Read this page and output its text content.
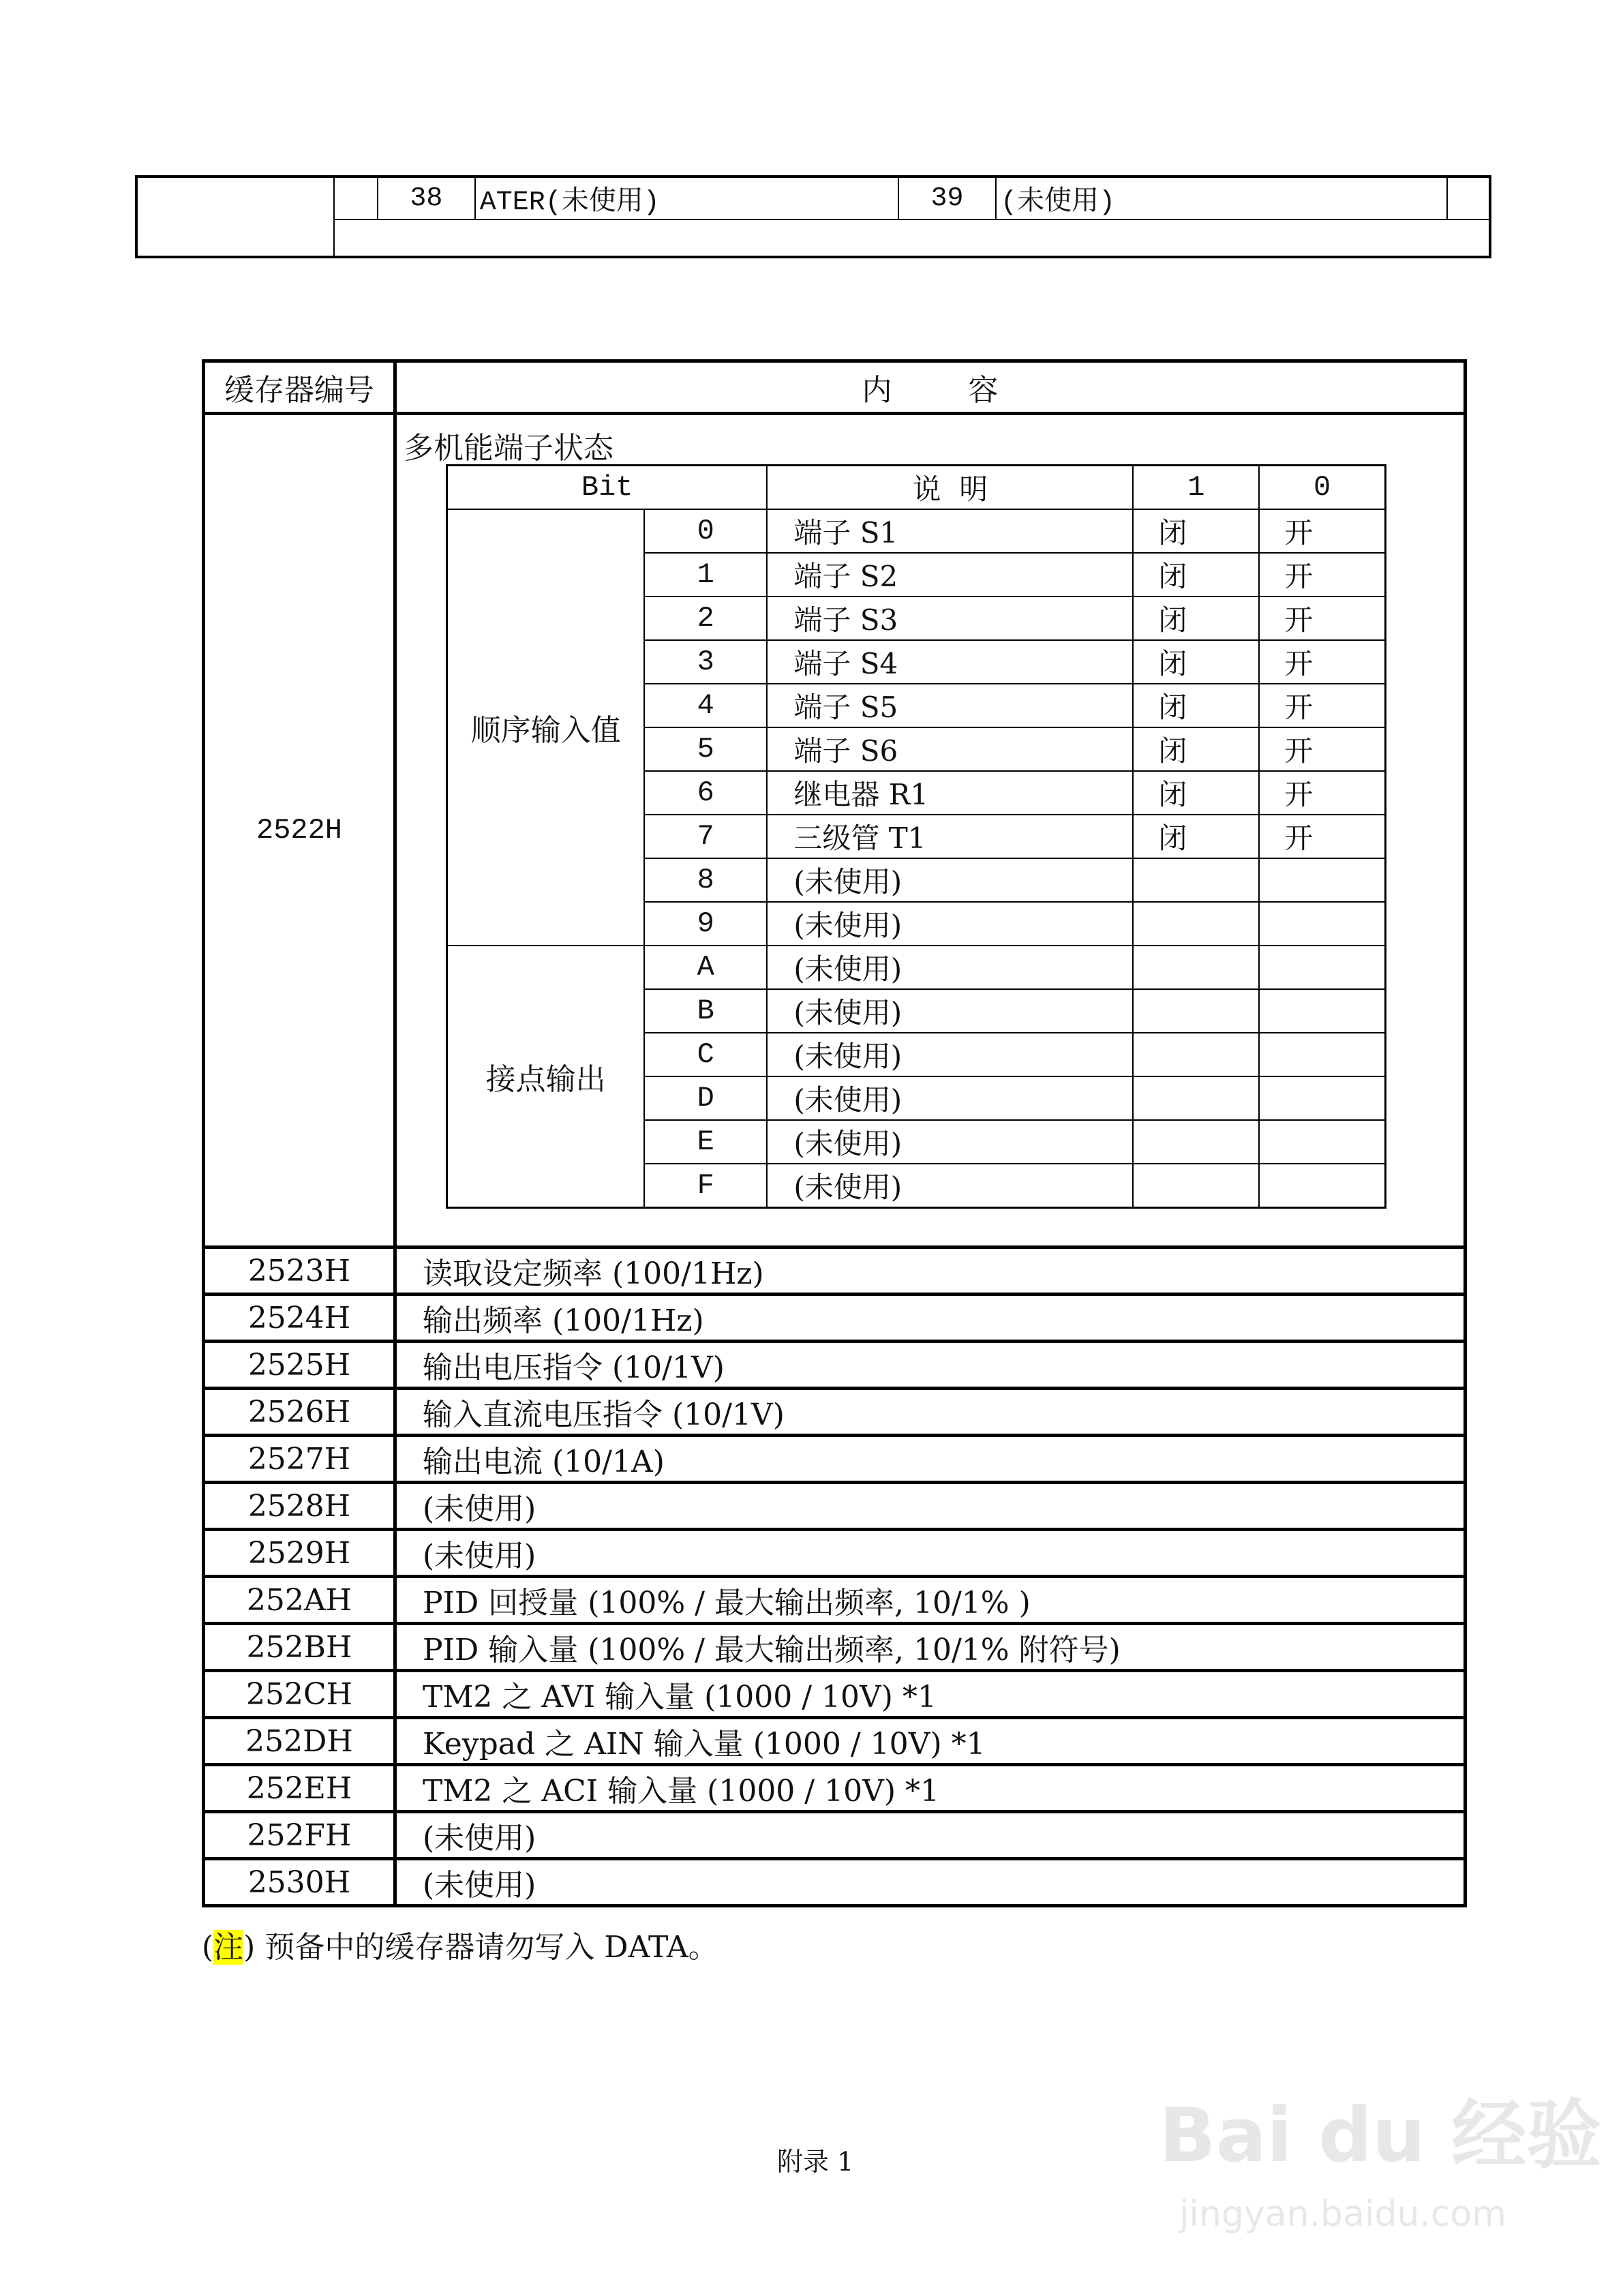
		38	ATER(未使用)	39	(未使用)	

缓存器编号	内        容
2522H	
多机能端子状态
Bit	说  明	1	0
顺序输入值	0	端子 S1	闭	开
1	端子 S2	闭	开
2	端子 S3	闭	开
3	端子 S4	闭	开
4	端子 S5	闭	开
5	端子 S6	闭	开
6	继电器 R1	闭	开
7	三级管 T1	闭	开
8	(未使用)		
9	(未使用)		
接点输出	A	(未使用)		
B	(未使用)		
C	(未使用)		
D	(未使用)		
E	(未使用)		
F	(未使用)		

2523H	读取设定频率 (100/1Hz)
2524H	输出频率 (100/1Hz)
2525H	输出电压指令 (10/1V)
2526H	输入直流电压指令 (10/1V)
2527H	输出电流 (10/1A)
2528H	(未使用)
2529H	(未使用)
252AH	PID 回授量 (100% / 最大输出频率, 10/1% )
252BH	PID 输入量 (100% / 最大输出频率, 10/1% 附符号)
252CH	TM2 之 AVI 输入量 (1000 / 10V) *1
252DH	Keypad 之 AIN 输入量 (1000 / 10V) *1
252EH	TM2 之 ACI 输入量 (1000 / 10V) *1
252FH	(未使用)
2530H	(未使用)
(注) 预备中的缓存器请勿写入 DATA。
附录 1	Bai du 经验
jingyan.baidu.com
